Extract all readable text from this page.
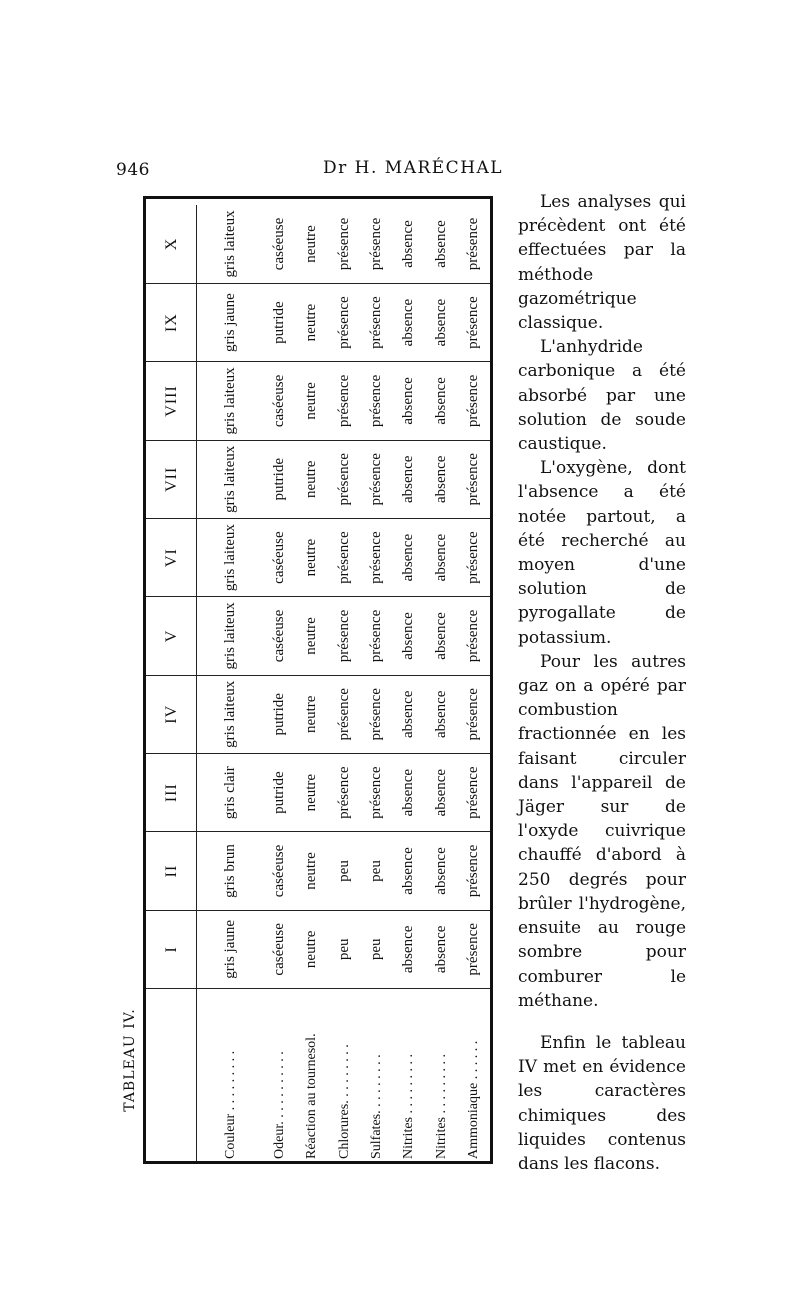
946	Dr H. MARÉCHAL
TABLEAU IV.
	I	II	III	IV	V	VI	VII	VIII	IX	X
Couleur . . . . . . . . .	gris jaune	gris brun	gris clair	gris laiteux	gris laiteux	gris laiteux	gris laiteux	gris laiteux	gris jaune	gris laiteux
Odeur. . . . . . . . . . .	caséeuse	caséeuse	putride	putride	caséeuse	caséeuse	putride	caséeuse	putride	caséeuse
Réaction au tournesol.	neutre	neutre	neutre	neutre	neutre	neutre	neutre	neutre	neutre	neutre
Chlorures. . . . . . . . .	peu	peu	présence	présence	présence	présence	présence	présence	présence	présence
Sulfates. . . . . . . . .	peu	peu	présence	présence	présence	présence	présence	présence	présence	présence
Nitrites . . . . . . . . .	absence	absence	absence	absence	absence	absence	absence	absence	absence	absence
Nitrites . . . . . . . . .	absence	absence	absence	absence	absence	absence	absence	absence	absence	absence
Ammoniaque . . . . . .	présence	présence	présence	présence	présence	présence	présence	présence	présence	présence

Les analyses qui précèdent ont été effectuées par la méthode gazométrique classique.

L'anhydride carbonique a été absorbé par une solution de soude caustique.

L'oxygène, dont l'absence a été notée partout, a été recherché au moyen d'une solution de pyrogallate de potassium.

Pour les autres gaz on a opéré par combustion fractionnée en les faisant circuler dans l'appareil de Jäger sur de l'oxyde cuivrique chauffé d'abord à 250 degrés pour brûler l'hydrogène, ensuite au rouge sombre pour comburer le méthane.

Enfin le tableau IV met en évidence les caractères chimiques des liquides contenus dans les flacons.
